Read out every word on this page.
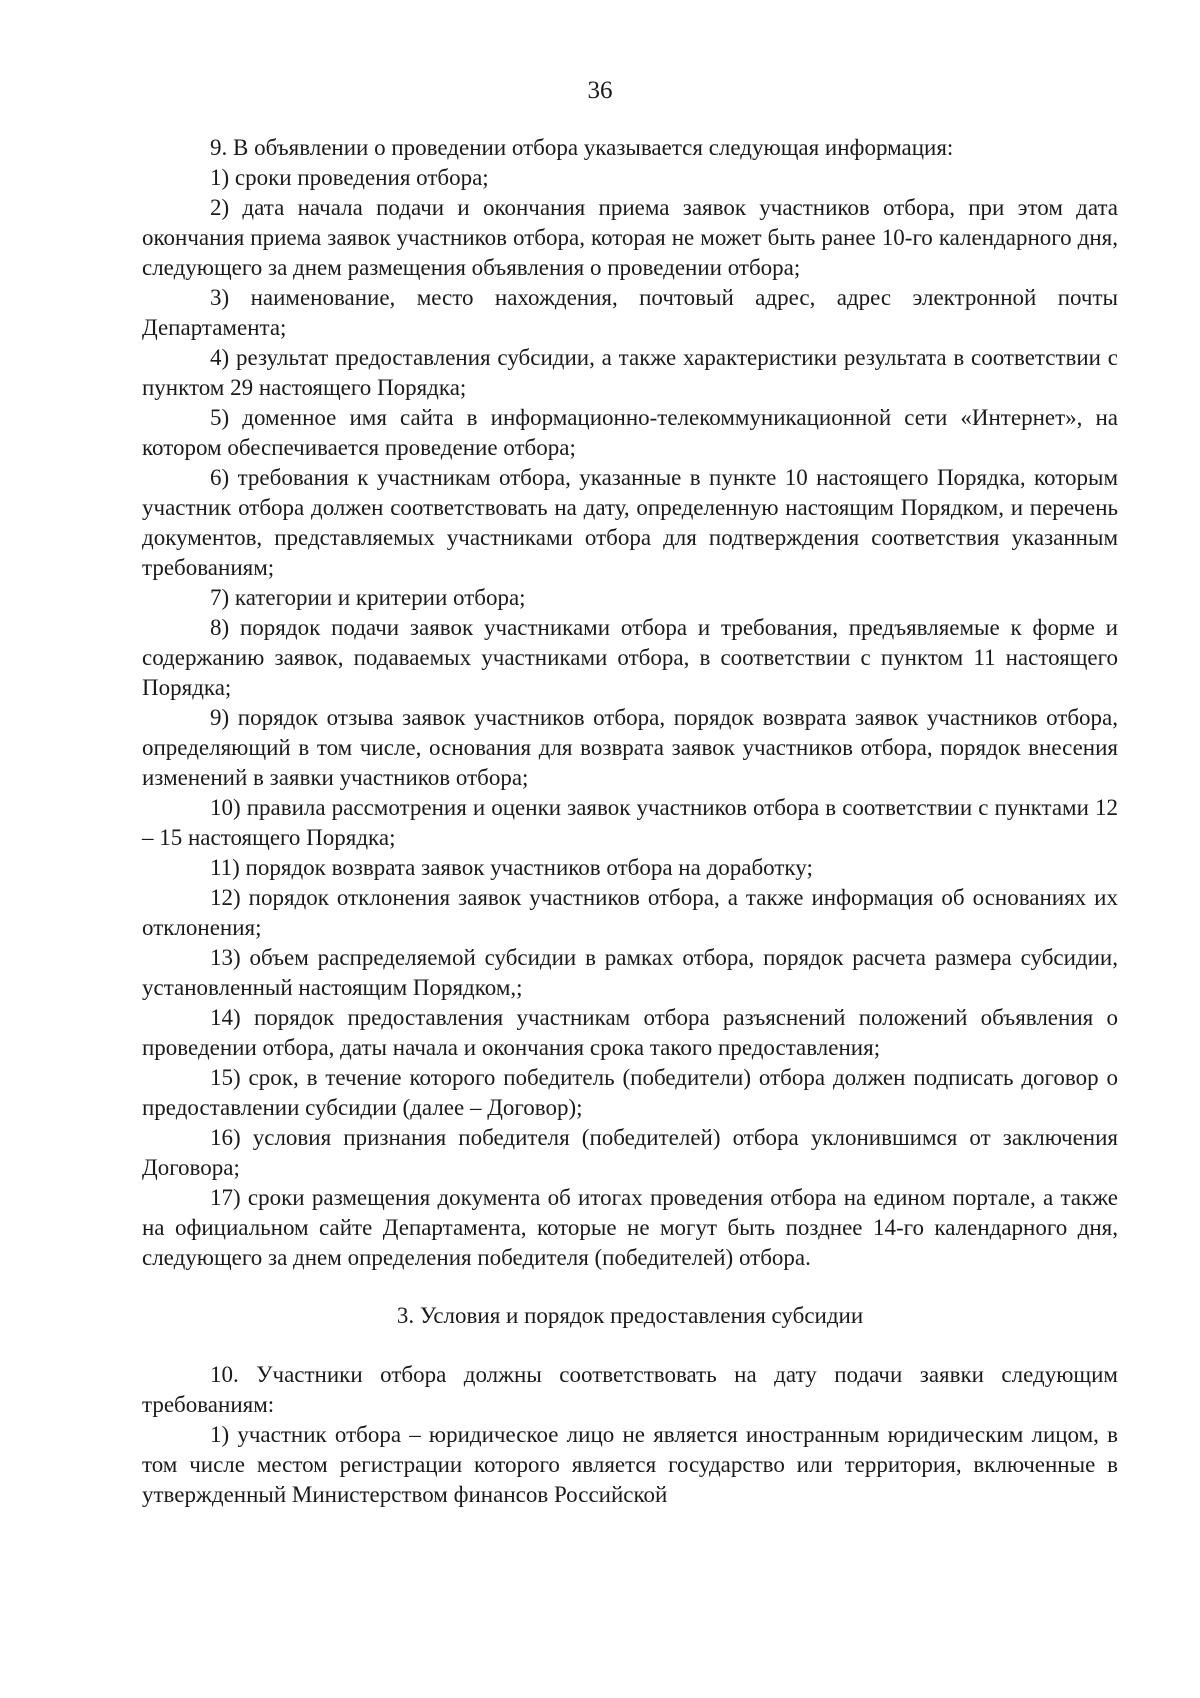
36

9. В объявлении о проведении отбора указывается следующая информация:

1) сроки проведения отбора;

2) дата начала подачи и окончания приема заявок участников отбора, при этом дата окончания приема заявок участников отбора, которая не может быть ранее 10-го календарного дня, следующего за днем размещения объявления о проведении отбора;

3) наименование, место нахождения, почтовый адрес, адрес электронной почты Департамента;

4) результат предоставления субсидии, а также характеристики результата в соответствии с пунктом 29 настоящего Порядка;

5) доменное имя сайта в информационно-телекоммуникационной сети «Интернет», на котором обеспечивается проведение отбора;

6) требования к участникам отбора, указанные в пункте 10 настоящего Порядка, которым участник отбора должен соответствовать на дату, определенную настоящим Порядком, и перечень документов, представляемых участниками отбора для подтверждения соответствия указанным требованиям;

7) категории и критерии отбора;

8) порядок подачи заявок участниками отбора и требования, предъявляемые к форме и содержанию заявок, подаваемых участниками отбора, в соответствии с пунктом 11 настоящего Порядка;

9) порядок отзыва заявок участников отбора, порядок возврата заявок участников отбора, определяющий в том числе, основания для возврата заявок участников отбора, порядок внесения изменений в заявки участников отбора;

10) правила рассмотрения и оценки заявок участников отбора в соответствии с пунктами 12 – 15 настоящего Порядка;

11) порядок возврата заявок участников отбора на доработку;

12) порядок отклонения заявок участников отбора, а также информация об основаниях их отклонения;

13) объем распределяемой субсидии в рамках отбора, порядок расчета размера субсидии, установленный настоящим Порядком,;

14) порядок предоставления участникам отбора разъяснений положений объявления о проведении отбора, даты начала и окончания срока такого предоставления;

15) срок, в течение которого победитель (победители) отбора должен подписать договор о предоставлении субсидии (далее – Договор);

16) условия признания победителя (победителей) отбора уклонившимся от заключения Договора;

17) сроки размещения документа об итогах проведения отбора на едином портале, а также на официальном сайте Департамента, которые не могут быть позднее 14-го календарного дня, следующего за днем определения победителя (победителей) отбора.

3. Условия и порядок предоставления субсидии

10. Участники отбора должны соответствовать на дату подачи заявки следующим требованиям:

1) участник отбора – юридическое лицо не является иностранным юридическим лицом, в том числе местом регистрации которого является государство или территория, включенные в утвержденный Министерством финансов Российской
